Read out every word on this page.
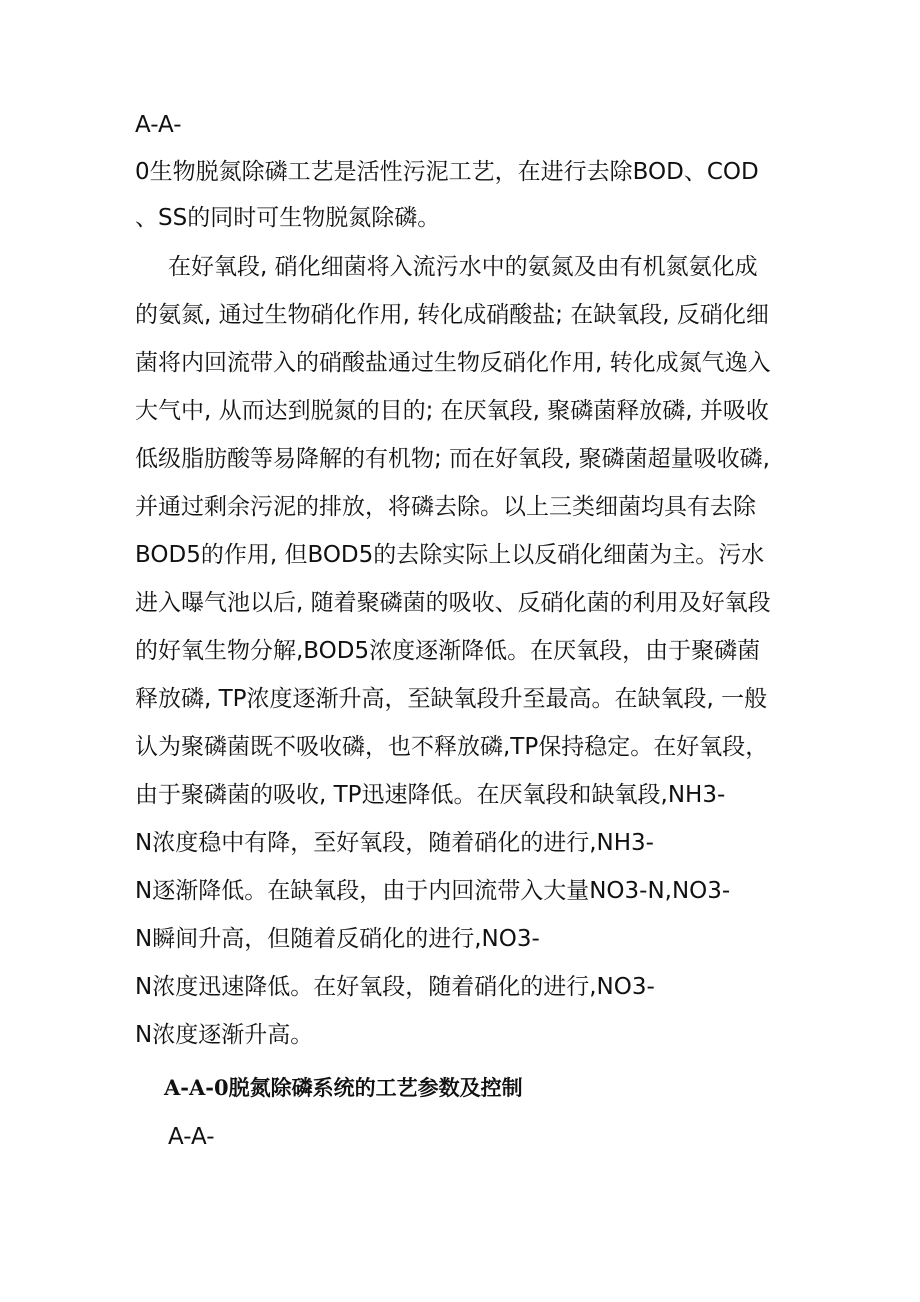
A-A-
0生物脱氮除磷工艺是活性污泥工艺，在进行去除BOD、COD
、SS的同时可生物脱氮除磷。
在好氧段, 硝化细菌将入流污水中的氨氮及由有机氮氨化成
的氨氮, 通过生物硝化作用, 转化成硝酸盐; 在缺氧段, 反硝化细
菌将内回流带入的硝酸盐通过生物反硝化作用, 转化成氮气逸入
大气中, 从而达到脱氮的目的; 在厌氧段, 聚磷菌释放磷, 并吸收
低级脂肪酸等易降解的有机物; 而在好氧段, 聚磷菌超量吸收磷,
并通过剩余污泥的排放，将磷去除。以上三类细菌均具有去除
BOD5的作用, 但BOD5的去除实际上以反硝化细菌为主。污水
进入曝气池以后, 随着聚磷菌的吸收、反硝化菌的利用及好氧段
的好氧生物分解,BOD5浓度逐渐降低。在厌氧段，由于聚磷菌
释放磷, TP浓度逐渐升高，至缺氧段升至最高。在缺氧段, 一般
认为聚磷菌既不吸收磷，也不释放磷,TP保持稳定。在好氧段，
由于聚磷菌的吸收, TP迅速降低。在厌氧段和缺氧段,NH3-
N浓度稳中有降，至好氧段，随着硝化的进行,NH3-
N逐渐降低。在缺氧段，由于内回流带入大量NO3-N,NO3-
N瞬间升高，但随着反硝化的进行,NO3-
N浓度迅速降低。在好氧段，随着硝化的进行,NO3-
N浓度逐渐升高。
A-A-0脱氮除磷系统的工艺参数及控制
A-A-
